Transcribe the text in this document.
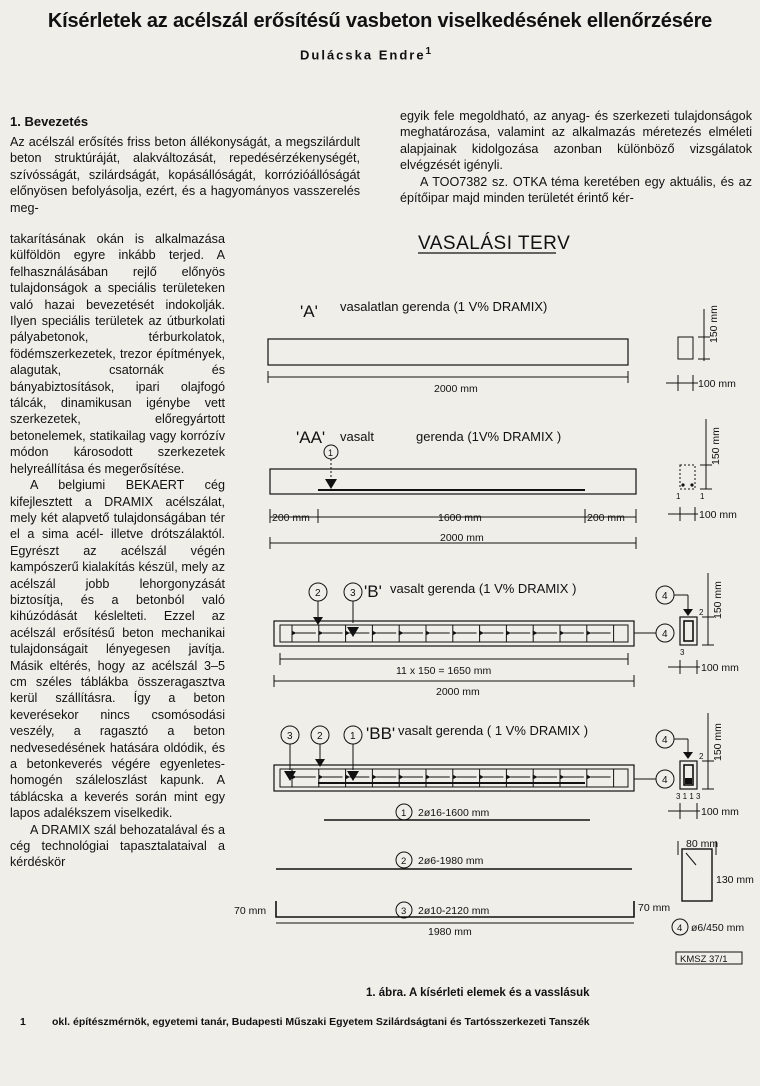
Kísérletek az acélszál erősítésű vasbeton viselkedésének ellenőrzésére
Dulácska Endre$^1$
1. Bevezetés

Az acélszál erősítés friss beton állékonyságát, a megszilárdult beton struktúráját, alakváltozását, repedésérzékenységét, szívósságát, szilárdságát, kopásállóságát, korrózióállóságát előnyösen befolyásolja, ezért, és a hagyományos vasszerelés meg-

takarításának okán is alkalmazása külföldön egyre inkább terjed. A felhasználásában rejlő előnyös tulajdonságok a speciális területeken való hazai bevezetését indokolják. Ilyen speciális területek az útburkolati pályabetonok, térburkolatok, födémszerkezetek, trezor építmények, alagutak, csatornák és bányabiztosítások, ipari olajfogó tálcák, dinamikusan igénybe vett szerkezetek, előregyártott betonelemek, statikailag vagy korrózív módon károsodott szerkezetek helyreállítása és megerősítése.

A belgiumi BEKAERT cég kifejlesztett a DRAMIX acélszálat, mely két alapvető tulajdonságában tér el a sima acél- illetve drótszálaktól. Egyrészt az acélszál végén kampószerű kialakítás készül, mely az acélszál jobb lehorgonyzását biztosítja, és a betonból való kihúzódását késlelteti. Ezzel az acélszál erősítésű beton mechanikai tulajdonságait lényegesen javítja. Másik eltérés, hogy az acélszál 3–5 cm széles táblákba összeragasztva kerül szállításra. Így a beton keverésekor nincs csomósodási veszély, a ragasztó a beton nedvesedésének hatására oldódik, és a betonkeverés végére egyenletes-homogén száleloszlást kapunk. A táblácska a keverés során mint egy lapos adalékszem viselkedik.

A DRAMIX szál behozatalával és a cég technológiai tapasztalataival a kérdéskör

egyik fele megoldható, az anyag- és szerkezeti tulajdonságok meghatározása, valamint az alkalmazás méretezés elméleti alapjainak kidolgozása azonban különböző vizsgálatok elvégzését igényli.

A TOO7382 sz. OTKA téma keretében egy aktuális, és az építőipar majd minden területét érintő kér-

VASALÁSI TERV
'A' vasalatlan gerenda (1 V% DRAMIX)
2000 mm
150 mm
100 mm
'AA' vasalt	gerenda (1V% DRAMIX )
1
200 mm	1600 mm	200 mm
2000 mm
1 1
150 mm
100 mm
2	3 'B' vasalt gerenda (1 V% DRAMIX )
4
11 x 150 = 1650 mm
2000 mm
4
2
3
150 mm
100 mm
3 2	1 'BB' vasalt gerenda ( 1 V% DRAMIX )
4
4
2
3 1 1 3
150 mm
100 mm
1 2ø16-1600 mm
2 2ø6-1980 mm
3 2ø10-2120 mm
70 mm	70 mm
1980 mm
80 mm
130 mm
4 ø6/450 mm
KMSZ 37/1
1. ábra. A kísérleti elemek és a vasslásuk
1 okl. építészmérnök, egyetemi tanár, Budapesti Műszaki Egyetem Szilárdságtani és Tartósszerkezeti Tanszék
